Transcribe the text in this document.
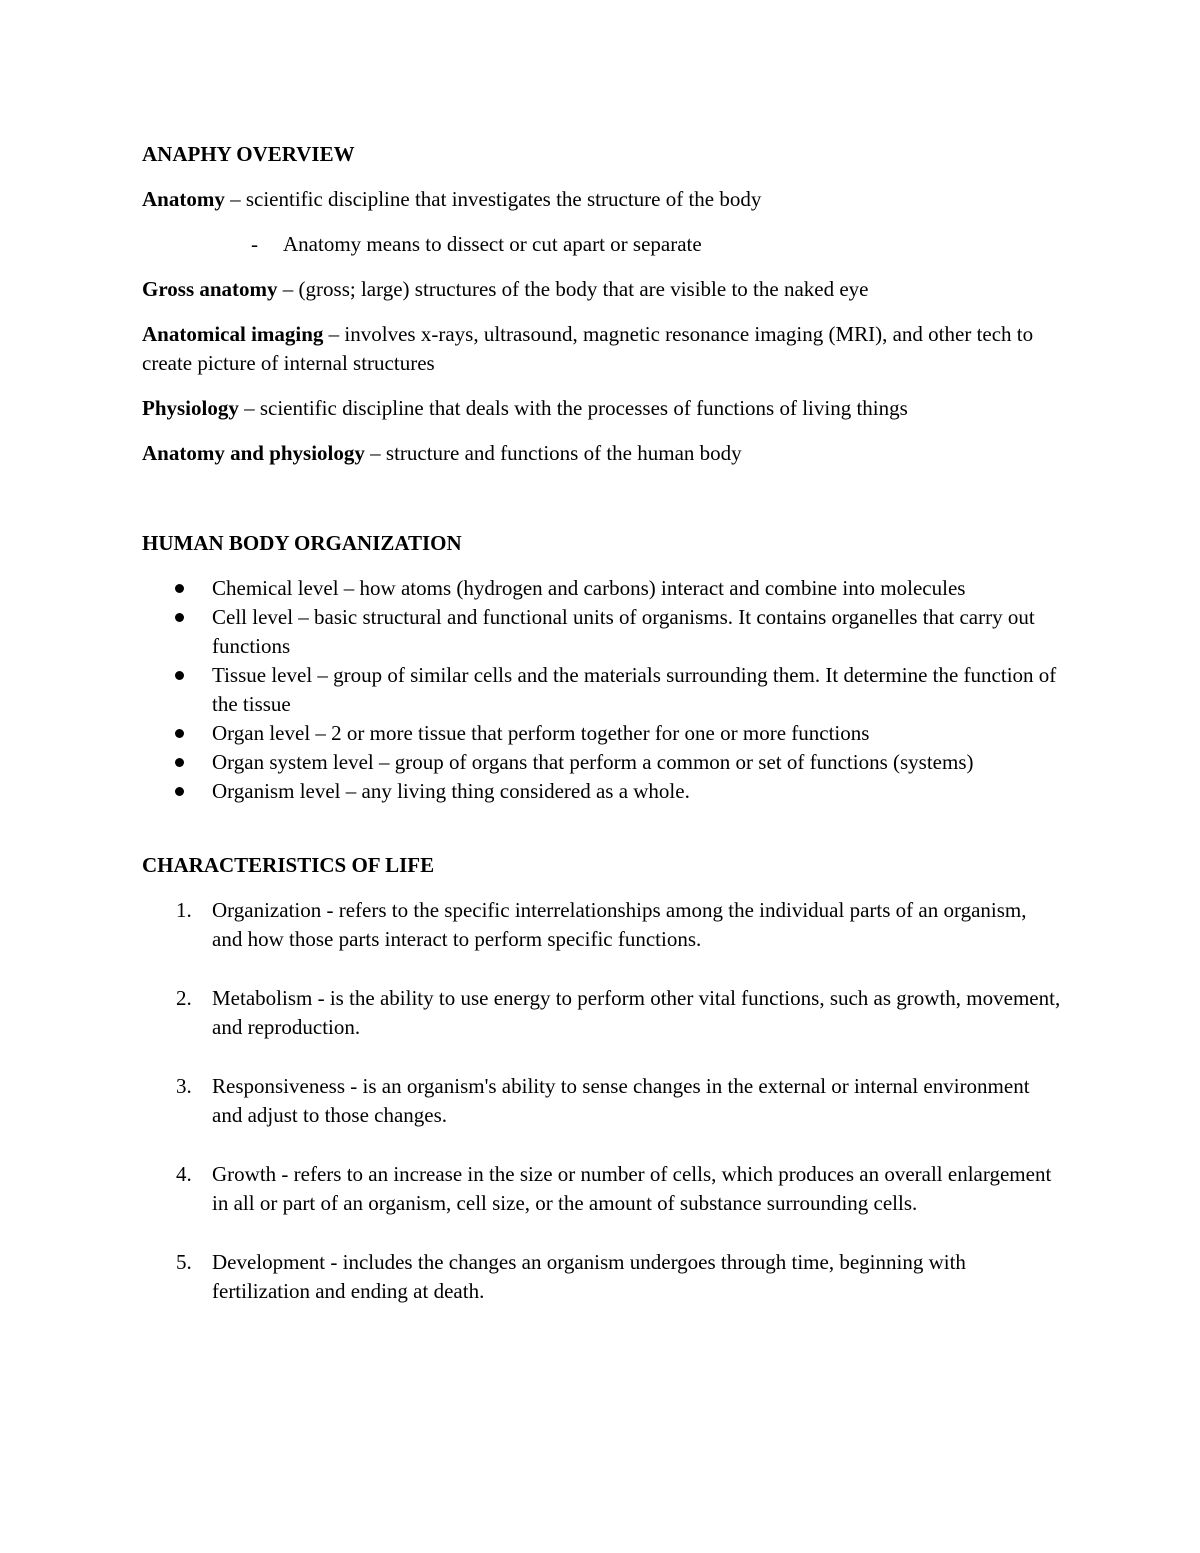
ANAPHY OVERVIEW

Anatomy – scientific discipline that investigates the structure of the body

- Anatomy means to dissect or cut apart or separate

Gross anatomy – (gross; large) structures of the body that are visible to the naked eye

Anatomical imaging – involves x-rays, ultrasound, magnetic resonance imaging (MRI), and other tech to create picture of internal structures

Physiology – scientific discipline that deals with the processes of functions of living things

Anatomy and physiology – structure and functions of the human body

HUMAN BODY ORGANIZATION

Chemical level – how atoms (hydrogen and carbons) interact and combine into molecules
Cell level – basic structural and functional units of organisms. It contains organelles that carry out functions
Tissue level – group of similar cells and the materials surrounding them. It determine the function of the tissue
Organ level – 2 or more tissue that perform together for one or more functions
Organ system level – group of organs that perform a common or set of functions (systems)
Organism level – any living thing considered as a whole.

CHARACTERISTICS OF LIFE

1. Organization - refers to the specific interrelationships among the individual parts of an organism, and how those parts interact to perform specific functions.
2. Metabolism - is the ability to use energy to perform other vital functions, such as growth, movement, and reproduction.
3. Responsiveness - is an organism's ability to sense changes in the external or internal environment and adjust to those changes.
4. Growth - refers to an increase in the size or number of cells, which produces an overall enlargement in all or part of an organism, cell size, or the amount of substance surrounding cells.
5. Development - includes the changes an organism undergoes through time, beginning with fertilization and ending at death.
